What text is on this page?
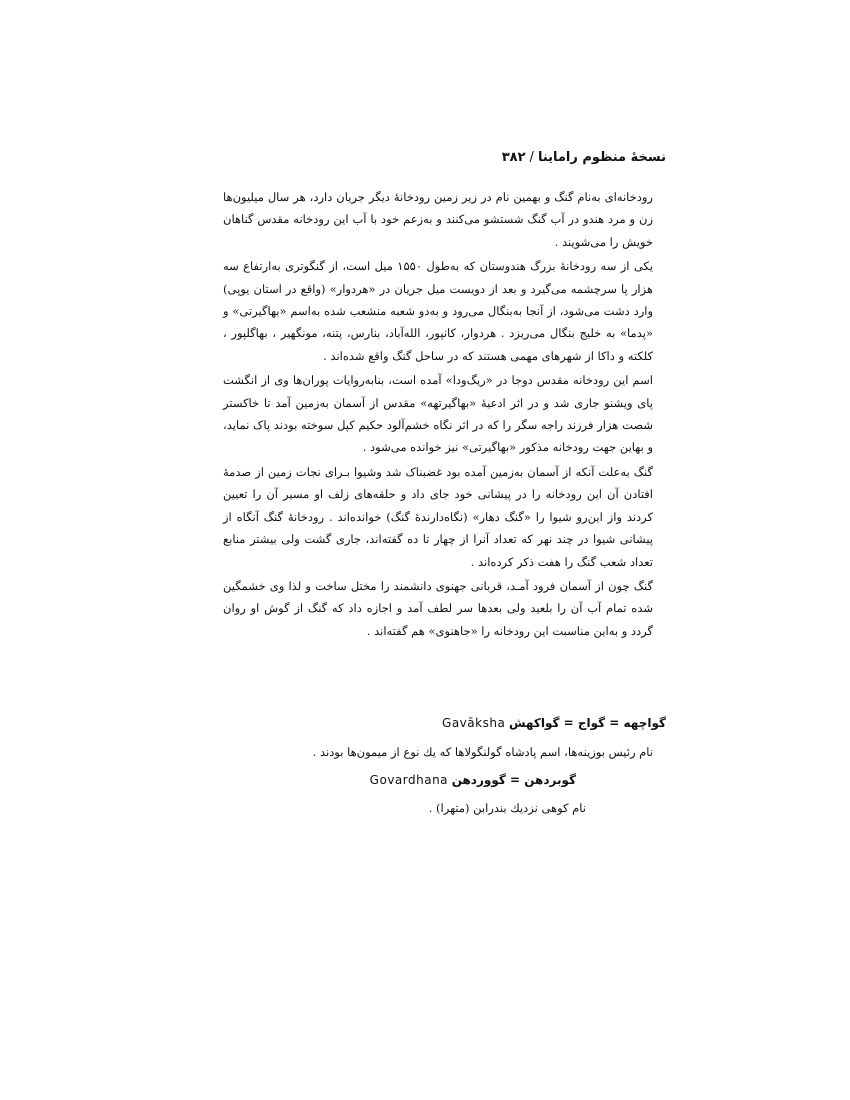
نسخهٔ منظوم راماینا/۳۸۲

رودخانه‌ای به‌نام گنگ و بهمین نام در زیر زمین رودخانهٔ دیگر جریان دارد، هر سال میلیون‌ها زن و مرد هندو در آب گنگ شستشو می‌کنند و به‌زعم خود با آب این رودخانه مقدس گناهان خویش را می‌شویند .

یکی از سه رودخانهٔ بزرگ هندوستان که به‌طول ۱۵۵۰ میل است، از گنگوتری به‌ارتفاع سه هزار پا سرچشمه می‌گیرد و بعد از دویست میل جریان در «هردوار» (واقع در استان یوپی) وارد دشت می‌شود، از آنجا به‌بنگال می‌رود و به‌دو شعبه منشعب شده به‌اسم «بهاگیرتی» و «پدما» به خلیج بنگال می‌ریزد . هردوار، کانپور، الله‌آباد، بنارس، پتنه، مونگهیر ، بهاگلپور ، کلکته و داکا از شهرهای مهمی هستند که در ساحل گنگ واقع شده‌اند .

اسم این رودخانه مقدس دوجا در «ریگ‌ودا» آمده است، بنابه‌روایات پوران‌ها وی از انگشت پای ویشنو جاری شد و در اثر ادعیهٔ «بهاگیرتهه» مقدس از آسمان به‌زمین آمد تا خاکستر شصت هزار فرزند راجه سگر را که در اثر نگاه خشم‌آلود حکیم کپل سوخته بودند پاک نماید، و بهاین جهت رودخانه مذکور «بهاگیرتی» نیز خوانده می‌شود .

گنگ به‌علت آنکه از آسمان به‌زمین آمده بود غضبناک شد وشیوا بـرای نجات زمین از صدمهٔ افتادن آن این رودخانه را در پیشانی خود جای داد و حلقه‌های زلف او مسیر آن را تعیین کردند واز این‌رو شیوا را «گنگ دهار» (نگاه‌دارندهٔ گنگ) خوانده‌اند . رودخانهٔ گنگ آنگاه از پیشانی شیوا در چند نهر که تعداد آنرا از چهار تا ده گفته‌اند، جاری گشت ولی بیشتر منابع تعداد شعب گنگ را هفت ذکر کرده‌اند .

گنگ چون از آسمان فرود آمـد، قربانی جهنوی دانشمند را مختل ساخت و لذا وی خشمگین شده تمام آب آن را بلعید ولی بعدها سر لطف آمد و اجازه داد که گنگ از گوش او روان گردد و به‌این مناسبت این رودخانه را «جاهنوی» هم گفته‌اند .

گواچهه = گواج = گواکهش Gavāksha
نام رئیس بوزینه‌ها، اسم پادشاه گولنگولاها که یك نوع از میمون‌ها بودند .
گوبردهن = گووردهن Govardhana
نام کوهی نزدیك بندرابن (متهرا) .
